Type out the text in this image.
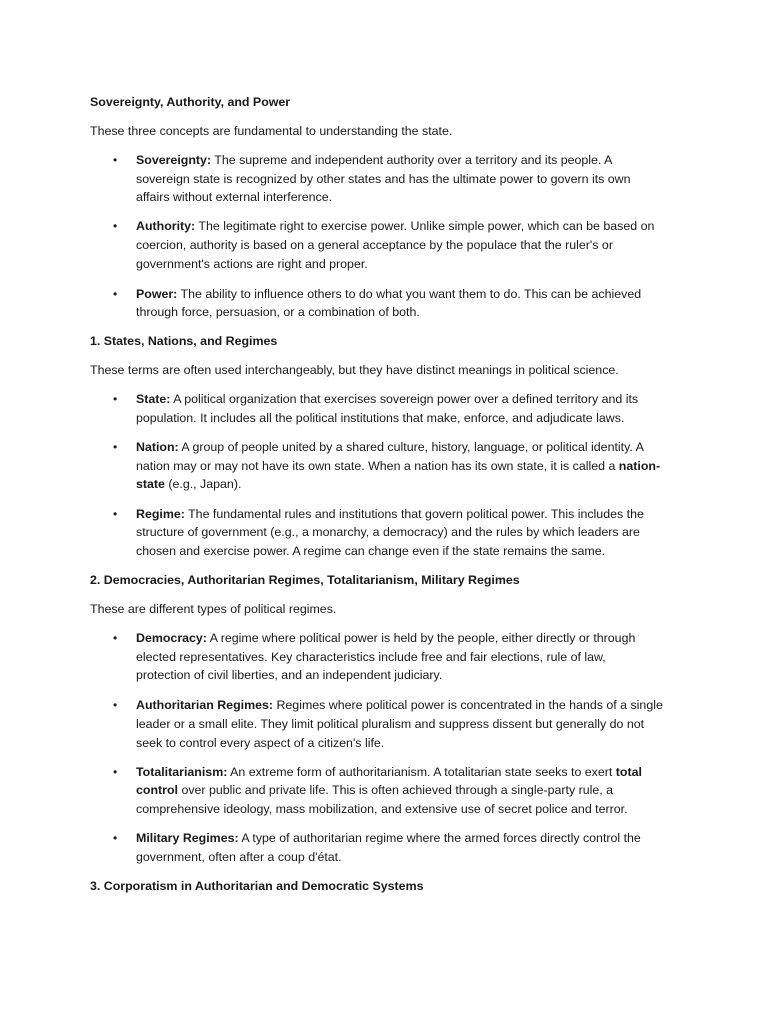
Sovereignty, Authority, and Power
These three concepts are fundamental to understanding the state.
• Sovereignty: The supreme and independent authority over a territory and its people. A
sovereign state is recognized by other states and has the ultimate power to govern its own
affairs without external interference.
• Authority: The legitimate right to exercise power. Unlike simple power, which can be based on
coercion, authority is based on a general acceptance by the populace that the ruler's or
government's actions are right and proper.
• Power: The ability to influence others to do what you want them to do. This can be achieved
through force, persuasion, or a combination of both.
1. States, Nations, and Regimes
These terms are often used interchangeably, but they have distinct meanings in political science.
• State: A political organization that exercises sovereign power over a defined territory and its
population. It includes all the political institutions that make, enforce, and adjudicate laws.
• Nation: A group of people united by a shared culture, history, language, or political identity. A
nation may or may not have its own state. When a nation has its own state, it is called a nation-
state (e.g., Japan).
• Regime: The fundamental rules and institutions that govern political power. This includes the
structure of government (e.g., a monarchy, a democracy) and the rules by which leaders are
chosen and exercise power. A regime can change even if the state remains the same.
2. Democracies, Authoritarian Regimes, Totalitarianism, Military Regimes
These are different types of political regimes.
• Democracy: A regime where political power is held by the people, either directly or through
elected representatives. Key characteristics include free and fair elections, rule of law,
protection of civil liberties, and an independent judiciary.
• Authoritarian Regimes: Regimes where political power is concentrated in the hands of a single
leader or a small elite. They limit political pluralism and suppress dissent but generally do not
seek to control every aspect of a citizen's life.
• Totalitarianism: An extreme form of authoritarianism. A totalitarian state seeks to exert total
control over public and private life. This is often achieved through a single-party rule, a
comprehensive ideology, mass mobilization, and extensive use of secret police and terror.
• Military Regimes: A type of authoritarian regime where the armed forces directly control the
government, often after a coup d'état.
3. Corporatism in Authoritarian and Democratic Systems
